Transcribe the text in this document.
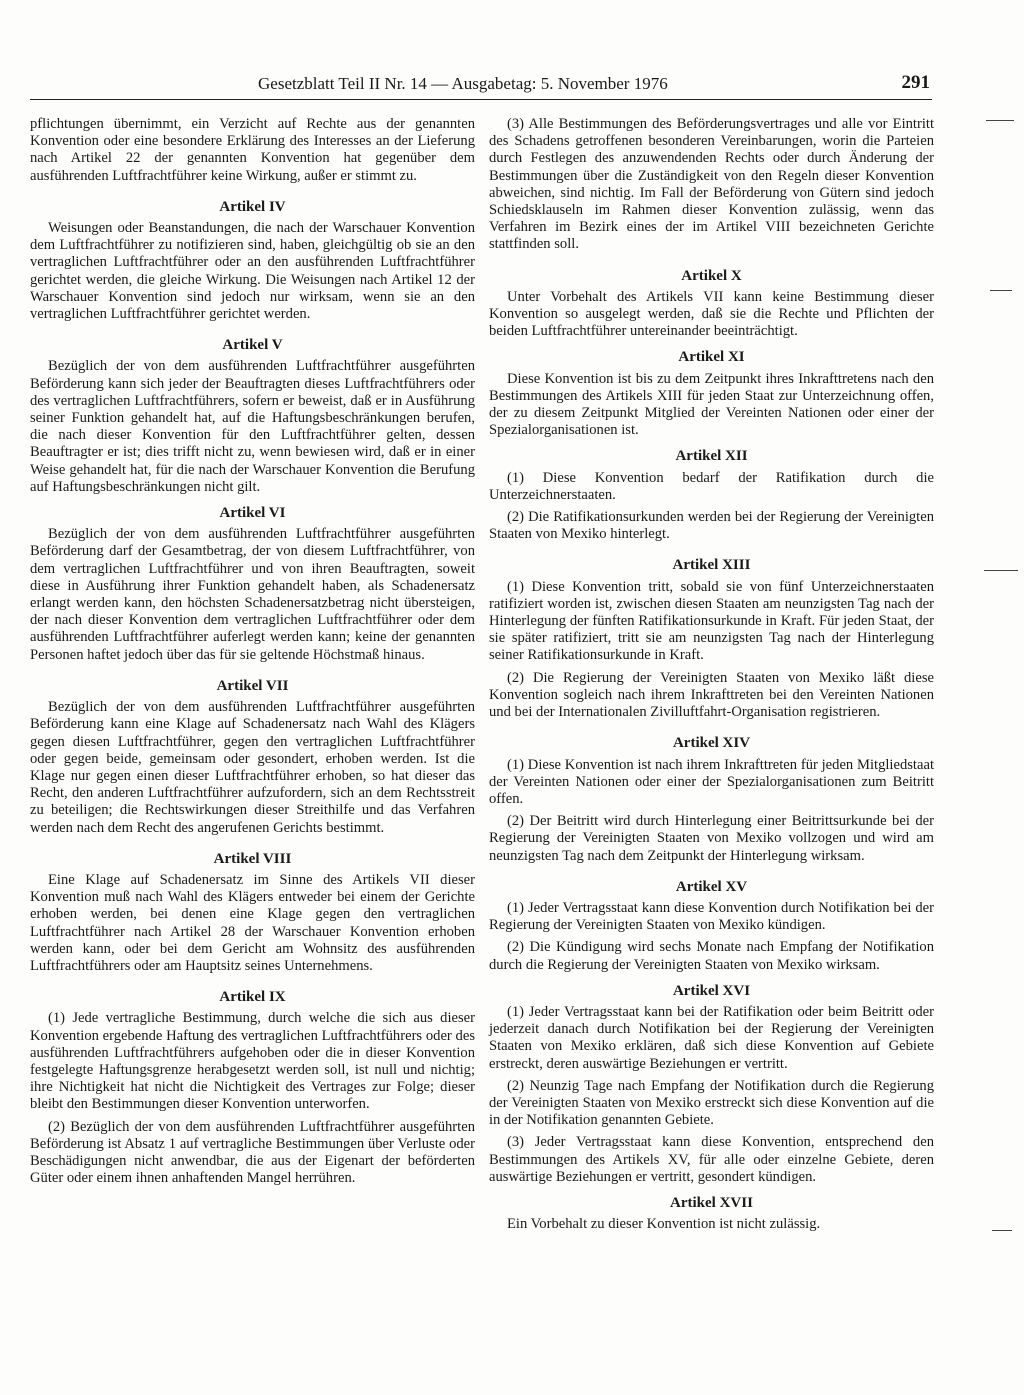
Gesetzblatt Teil II Nr. 14 — Ausgabetag: 5. November 1976	291

pflichtungen übernimmt, ein Verzicht auf Rechte aus der genannten Konvention oder eine besondere Erklärung des Interesses an der Lieferung nach Artikel 22 der genannten Konvention hat gegenüber dem ausführenden Luftfrachtführer keine Wirkung, außer er stimmt zu.

Artikel IV

Weisungen oder Beanstandungen, die nach der Warschauer Konvention dem Luftfrachtführer zu notifizieren sind, haben, gleichgültig ob sie an den vertraglichen Luftfrachtführer oder an den ausführenden Luftfrachtführer gerichtet werden, die gleiche Wirkung. Die Weisungen nach Artikel 12 der Warschauer Konvention sind jedoch nur wirksam, wenn sie an den vertraglichen Luftfrachtführer gerichtet werden.

Artikel V

Bezüglich der von dem ausführenden Luftfrachtführer ausgeführten Beförderung kann sich jeder der Beauftragten dieses Luftfrachtführers oder des vertraglichen Luftfrachtführers, sofern er beweist, daß er in Ausführung seiner Funktion gehandelt hat, auf die Haftungsbeschränkungen berufen, die nach dieser Konvention für den Luftfrachtführer gelten, dessen Beauftragter er ist; dies trifft nicht zu, wenn bewiesen wird, daß er in einer Weise gehandelt hat, für die nach der Warschauer Konvention die Berufung auf Haftungsbeschränkungen nicht gilt.

Artikel VI

Bezüglich der von dem ausführenden Luftfrachtführer ausgeführten Beförderung darf der Gesamtbetrag, der von diesem Luftfrachtführer, von dem vertraglichen Luftfrachtführer und von ihren Beauftragten, soweit diese in Ausführung ihrer Funktion gehandelt haben, als Schadenersatz erlangt werden kann, den höchsten Schadenersatzbetrag nicht übersteigen, der nach dieser Konvention dem vertraglichen Luftfrachtführer oder dem ausführenden Luftfrachtführer auferlegt werden kann; keine der genannten Personen haftet jedoch über das für sie geltende Höchstmaß hinaus.

Artikel VII

Bezüglich der von dem ausführenden Luftfrachtführer ausgeführten Beförderung kann eine Klage auf Schadenersatz nach Wahl des Klägers gegen diesen Luftfrachtführer, gegen den vertraglichen Luftfrachtführer oder gegen beide, gemeinsam oder gesondert, erhoben werden. Ist die Klage nur gegen einen dieser Luftfrachtführer erhoben, so hat dieser das Recht, den anderen Luftfrachtführer aufzufordern, sich an dem Rechtsstreit zu beteiligen; die Rechtswirkungen dieser Streithilfe und das Verfahren werden nach dem Recht des angerufenen Gerichts bestimmt.

Artikel VIII

Eine Klage auf Schadenersatz im Sinne des Artikels VII dieser Konvention muß nach Wahl des Klägers entweder bei einem der Gerichte erhoben werden, bei denen eine Klage gegen den vertraglichen Luftfrachtführer nach Artikel 28 der Warschauer Konvention erhoben werden kann, oder bei dem Gericht am Wohnsitz des ausführenden Luftfrachtführers oder am Hauptsitz seines Unternehmens.

Artikel IX

(1) Jede vertragliche Bestimmung, durch welche die sich aus dieser Konvention ergebende Haftung des vertraglichen Luftfrachtführers oder des ausführenden Luftfrachtführers aufgehoben oder die in dieser Konvention festgelegte Haftungsgrenze herabgesetzt werden soll, ist null und nichtig; ihre Nichtigkeit hat nicht die Nichtigkeit des Vertrages zur Folge; dieser bleibt den Bestimmungen dieser Konvention unterworfen.

(2) Bezüglich der von dem ausführenden Luftfrachtführer ausgeführten Beförderung ist Absatz 1 auf vertragliche Bestimmungen über Verluste oder Beschädigungen nicht anwendbar, die aus der Eigenart der beförderten Güter oder einem ihnen anhaftenden Mangel herrühren.

(3) Alle Bestimmungen des Beförderungsvertrages und alle vor Eintritt des Schadens getroffenen besonderen Vereinbarungen, worin die Parteien durch Festlegen des anzuwendenden Rechts oder durch Änderung der Bestimmungen über die Zuständigkeit von den Regeln dieser Konvention abweichen, sind nichtig. Im Fall der Beförderung von Gütern sind jedoch Schiedsklauseln im Rahmen dieser Konvention zulässig, wenn das Verfahren im Bezirk eines der im Artikel VIII bezeichneten Gerichte stattfinden soll.

Artikel X

Unter Vorbehalt des Artikels VII kann keine Bestimmung dieser Konvention so ausgelegt werden, daß sie die Rechte und Pflichten der beiden Luftfrachtführer untereinander beeinträchtigt.

Artikel XI

Diese Konvention ist bis zu dem Zeitpunkt ihres Inkrafttretens nach den Bestimmungen des Artikels XIII für jeden Staat zur Unterzeichnung offen, der zu diesem Zeitpunkt Mitglied der Vereinten Nationen oder einer der Spezialorganisationen ist.

Artikel XII

(1) Diese Konvention bedarf der Ratifikation durch die Unterzeichnerstaaten.

(2) Die Ratifikationsurkunden werden bei der Regierung der Vereinigten Staaten von Mexiko hinterlegt.

Artikel XIII

(1) Diese Konvention tritt, sobald sie von fünf Unterzeichnerstaaten ratifiziert worden ist, zwischen diesen Staaten am neunzigsten Tag nach der Hinterlegung der fünften Ratifikationsurkunde in Kraft. Für jeden Staat, der sie später ratifiziert, tritt sie am neunzigsten Tag nach der Hinterlegung seiner Ratifikationsurkunde in Kraft.

(2) Die Regierung der Vereinigten Staaten von Mexiko läßt diese Konvention sogleich nach ihrem Inkrafttreten bei den Vereinten Nationen und bei der Internationalen Zivilluftfahrt-Organisation registrieren.

Artikel XIV

(1) Diese Konvention ist nach ihrem Inkrafttreten für jeden Mitgliedstaat der Vereinten Nationen oder einer der Spezialorganisationen zum Beitritt offen.

(2) Der Beitritt wird durch Hinterlegung einer Beitrittsurkunde bei der Regierung der Vereinigten Staaten von Mexiko vollzogen und wird am neunzigsten Tag nach dem Zeitpunkt der Hinterlegung wirksam.

Artikel XV

(1) Jeder Vertragsstaat kann diese Konvention durch Notifikation bei der Regierung der Vereinigten Staaten von Mexiko kündigen.

(2) Die Kündigung wird sechs Monate nach Empfang der Notifikation durch die Regierung der Vereinigten Staaten von Mexiko wirksam.

Artikel XVI

(1) Jeder Vertragsstaat kann bei der Ratifikation oder beim Beitritt oder jederzeit danach durch Notifikation bei der Regierung der Vereinigten Staaten von Mexiko erklären, daß sich diese Konvention auf Gebiete erstreckt, deren auswärtige Beziehungen er vertritt.

(2) Neunzig Tage nach Empfang der Notifikation durch die Regierung der Vereinigten Staaten von Mexiko erstreckt sich diese Konvention auf die in der Notifikation genannten Gebiete.

(3) Jeder Vertragsstaat kann diese Konvention, entsprechend den Bestimmungen des Artikels XV, für alle oder einzelne Gebiete, deren auswärtige Beziehungen er vertritt, gesondert kündigen.

Artikel XVII

Ein Vorbehalt zu dieser Konvention ist nicht zulässig.
